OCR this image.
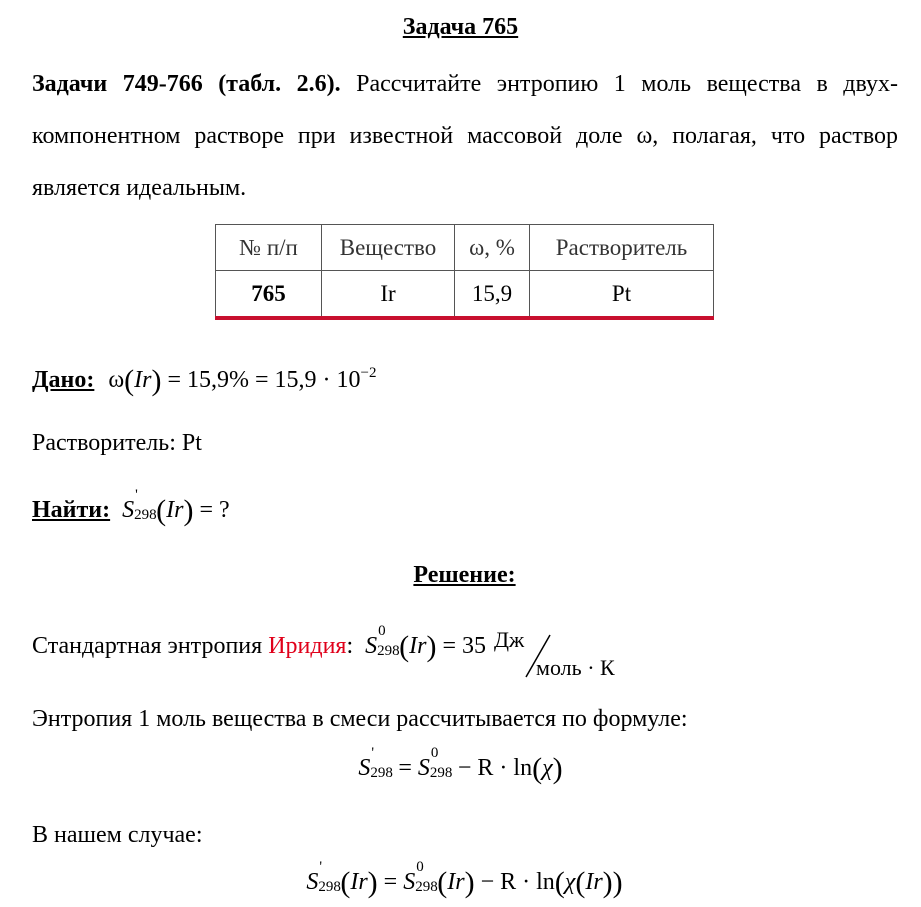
Задача 765
Задачи 749-766 (табл. 2.6). Рассчитайте энтропию 1 моль вещества в двух-компонентном растворе при известной массовой доле ω, полагая, что раствор является идеальным.
№ п/п	Вещество	ω, %	Растворитель
765	Ir	15,9	Pt
Дано: $\omega(Ir) = 15,9\% = 15,9 \cdot 10^{-2}$
Растворитель: Pt
Найти: S
'
298 (Ir) = ?
Решение:
Стандартная энтропия Иридия: S
0
298 (Ir) = 35 Дж
моль · К
Энтропия 1 моль вещества в смеси рассчитывается по формуле:
S
'
298 = S
0
298 − R · ln(χ)
В нашем случае:
S
'
298 (Ir) = S
0
298 (Ir) − R · ln(χ(Ir))
